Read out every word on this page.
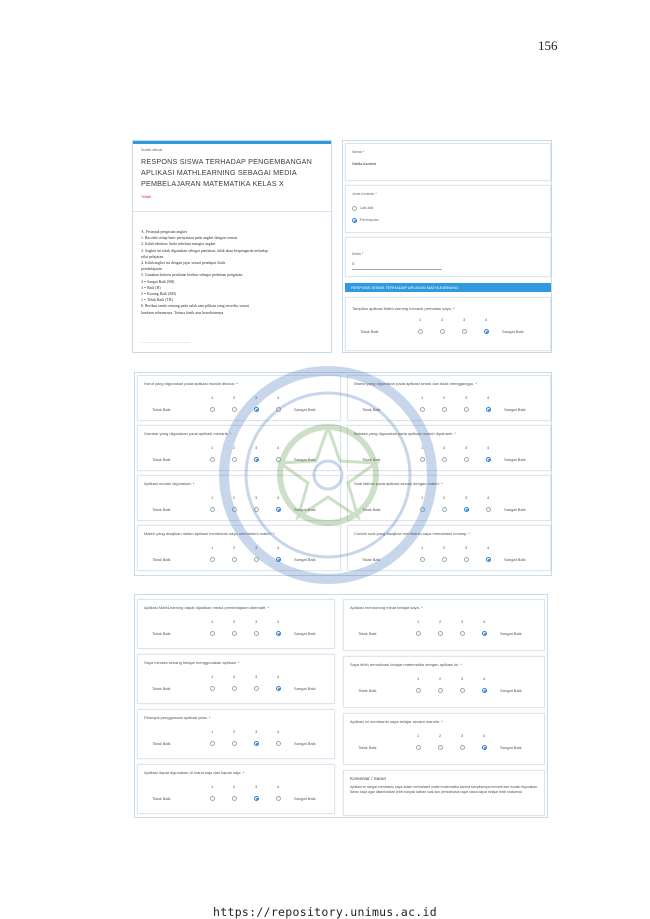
156
Sudah dibuat
RESPONS SISWA TERHADAP PENGEMBANGAN APLIKASI MATHLEARNING SEBAGAI MEDIA PEMBELAJARAN MATEMATIKA KELAS X
*Wajib
A. Petunjuk pengisian angket
1. Bacalah setiap butir pernyataan pada angket dengan cermat
2. Isilah identitas Anda sebelum mengisi angket
3. Angket ini tidak digunakan sebagai penilaian, tidak akan berpengaruh terhadap
nilai pelajaran.
4. Isilah angket ini dengan jujur sesuai pendapat Anda
pembelajaran
5. Gunakan kriteria penilaian berikut sebagai pedoman pengisian:
4 = Sangat Baik (SB)
3 = Baik (B)
2 = Kurang Baik (KB)
1 = Tidak Baik (TB)
6. Berikan tanda centang pada salah satu pilihan yang tersedia, sesuai
keadaan sebenarnya. Terima kasih atas kesediaannya.
.................................................
Nama *
Nabila Azzahra
Jenis Kelamin *
Laki-laki
Perempuan
Kelas *
X
RESPONS SISWA TERHADAP APLIKASI MATHLEARNING
Tampilan aplikasi MathLearning menarik perhatian saya. *
1	2	3	4
Tidak Baik	Sangat Baik
Huruf yang digunakan pada aplikasi mudah dibaca. *
1	2	3	4
Tidak Baik	Sangat Baik
Gambar yang digunakan pada aplikasi menarik. *
1	2	3	4
Tidak Baik	Sangat Baik
Aplikasi mudah digunakan. *
1	2	3	4
Tidak Baik	Sangat Baik
Materi yang disajikan dalam aplikasi membantu saya memahami materi. *
1	2	3	4
Tidak Baik	Sangat Baik
Warna yang digunakan pada aplikasi serasi dan tidak mengganggu. *
1	2	3	4
Tidak Baik	Sangat Baik
Bahasa yang digunakan pada aplikasi mudah dipahami. *
1	2	3	4
Tidak Baik	Sangat Baik
Soal latihan pada aplikasi sesuai dengan materi. *
1	2	3	4
Tidak Baik	Sangat Baik
Contoh soal yang disajikan membantu saya memahami konsep. *
1	2	3	4
Tidak Baik	Sangat Baik
Aplikasi MathLearning dapat dijadikan media pembelajaran alternatif. *
1	2	3	4
Tidak Baik	Sangat Baik
Saya merasa senang belajar menggunakan aplikasi. *
1	2	3	4
Tidak Baik	Sangat Baik
Petunjuk penggunaan aplikasi jelas. *
1	2	3	4
Tidak Baik	Sangat Baik
Aplikasi dapat digunakan di mana saja dan kapan saja. *
1	2	3	4
Tidak Baik	Sangat Baik
Aplikasi mendorong minat belajar saya. *
1	2	3	4
Tidak Baik	Sangat Baik
Saya lebih termotivasi belajar matematika dengan aplikasi ini. *
1	2	3	4
Tidak Baik	Sangat Baik
Aplikasi ini membantu saya belajar secara mandiri. *
1	2	3	4
Tidak Baik	Sangat Baik
Komentar / Saran
Aplikasi ini sangat membantu saya dalam memahami materi matematika karena tampilannya menarik dan mudah digunakan. Saran saya agar ditambahkan lebih banyak latihan soal dan pembahasan agar siswa dapat belajar lebih maksimal.
https://repository.unimus.ac.id
